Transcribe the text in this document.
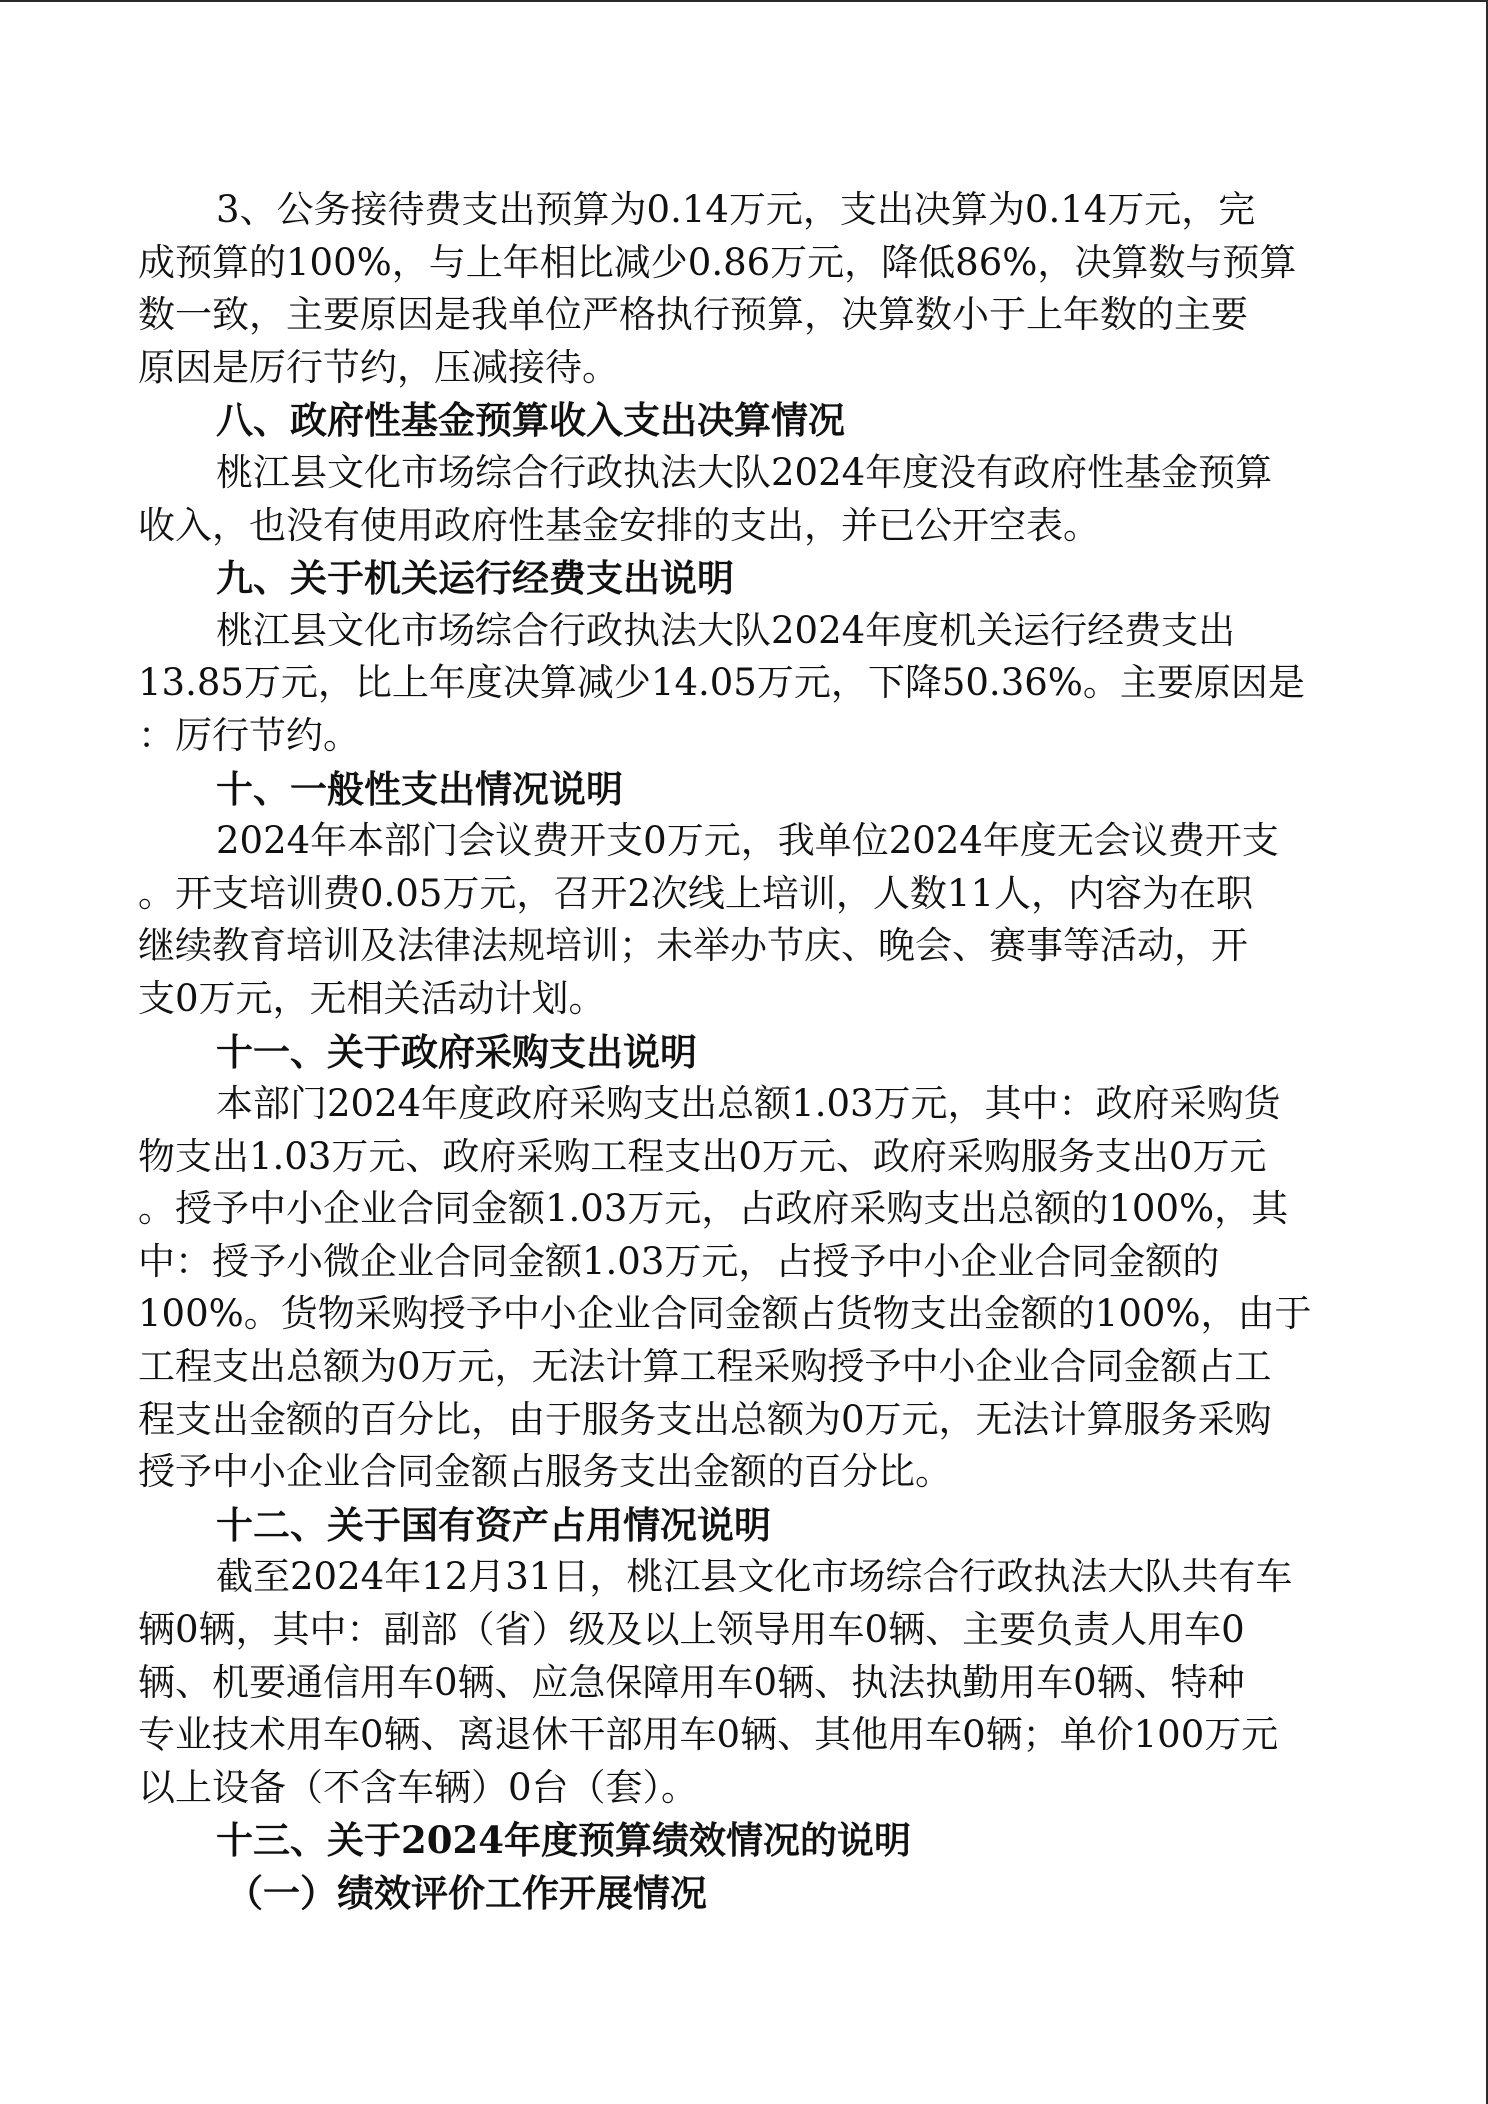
3、公务接待费支出预算为0.14万元，支出决算为0.14万元，完
成预算的100%，与上年相比减少0.86万元，降低86%，决算数与预算
数一致，主要原因是我单位严格执行预算，决算数小于上年数的主要
原因是厉行节约，压减接待。
八、政府性基金预算收入支出决算情况
桃江县文化市场综合行政执法大队2024年度没有政府性基金预算
收入，也没有使用政府性基金安排的支出，并已公开空表。
九、关于机关运行经费支出说明
桃江县文化市场综合行政执法大队2024年度机关运行经费支出
13.85万元，比上年度决算减少14.05万元，下降50.36%。主要原因是
：厉行节约。
十、一般性支出情况说明
2024年本部门会议费开支0万元，我单位2024年度无会议费开支
。开支培训费0.05万元，召开2次线上培训，人数11人，内容为在职
继续教育培训及法律法规培训；未举办节庆、晚会、赛事等活动，开
支0万元，无相关活动计划。
十一、关于政府采购支出说明
本部门2024年度政府采购支出总额1.03万元，其中：政府采购货
物支出1.03万元、政府采购工程支出0万元、政府采购服务支出0万元
。授予中小企业合同金额1.03万元，占政府采购支出总额的100%，其
中：授予小微企业合同金额1.03万元，占授予中小企业合同金额的
100%。货物采购授予中小企业合同金额占货物支出金额的100%，由于
工程支出总额为0万元，无法计算工程采购授予中小企业合同金额占工
程支出金额的百分比，由于服务支出总额为0万元，无法计算服务采购
授予中小企业合同金额占服务支出金额的百分比。
十二、关于国有资产占用情况说明
截至2024年12月31日，桃江县文化市场综合行政执法大队共有车
辆0辆，其中：副部（省）级及以上领导用车0辆、主要负责人用车0
辆、机要通信用车0辆、应急保障用车0辆、执法执勤用车0辆、特种
专业技术用车0辆、离退休干部用车0辆、其他用车0辆；单价100万元
以上设备（不含车辆）0台（套）。
十三、关于2024年度预算绩效情况的说明
（一）绩效评价工作开展情况
